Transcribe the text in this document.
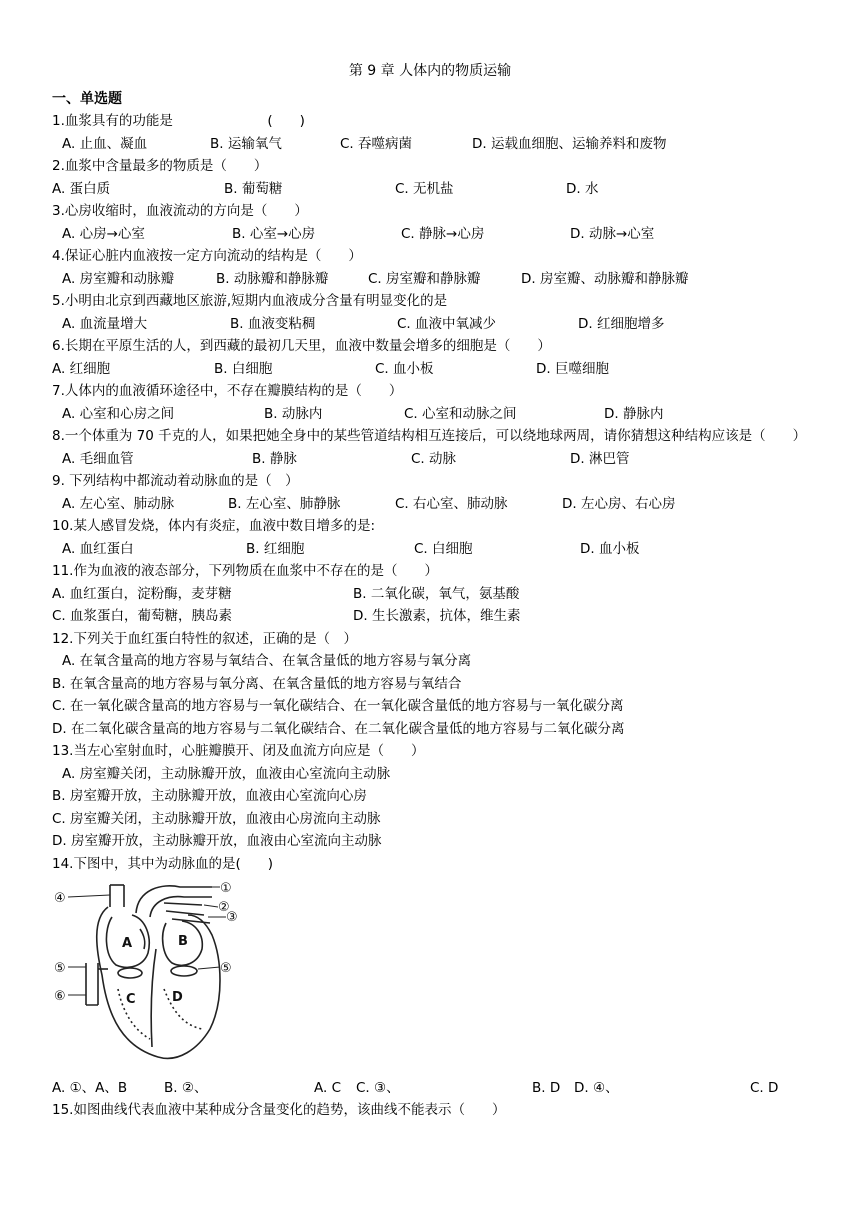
第 9 章 人体内的物质运输
一、单选题
1.血浆具有的功能是　　　　　　　(　　)
A. 止血、凝血	B. 运输氧气	C. 吞噬病菌	D. 运载血细胞、运输养料和废物
2.血浆中含量最多的物质是（　　）
A. 蛋白质	B. 葡萄糖	C. 无机盐	D. 水
3.心房收缩时，血液流动的方向是（　　）
A. 心房→心室	B. 心室→心房	C. 静脉→心房	D. 动脉→心室
4.保证心脏内血液按一定方向流动的结构是（　　）
A. 房室瓣和动脉瓣	B. 动脉瓣和静脉瓣	C. 房室瓣和静脉瓣	D. 房室瓣、动脉瓣和静脉瓣
5.小明由北京到西藏地区旅游,短期内血液成分含量有明显变化的是
A. 血流量增大	B. 血液变粘稠	C. 血液中氧减少	D. 红细胞增多
6.长期在平原生活的人，到西藏的最初几天里，血液中数量会增多的细胞是（　　）
A. 红细胞	B. 白细胞	C. 血小板	D. 巨噬细胞
7.人体内的血液循环途径中，不存在瓣膜结构的是（　　）
A. 心室和心房之间	B. 动脉内	C. 心室和动脉之间	D. 静脉内
8.一个体重为 70 千克的人，如果把她全身中的某些管道结构相互连接后，可以绕地球两周，请你猜想这种结构应该是（　　）
A. 毛细血管	B. 静脉	C. 动脉	D. 淋巴管
9. 下列结构中都流动着动脉血的是（　）
A. 左心室、肺动脉	B. 左心室、肺静脉	C. 右心室、肺动脉	D. 左心房、右心房
10.某人感冒发烧，体内有炎症，血液中数目增多的是:
A. 血红蛋白	B. 红细胞	C. 白细胞	D. 血小板
11.作为血液的液态部分，下列物质在血浆中不存在的是（　　）
A. 血红蛋白，淀粉酶，麦芽糖	B. 二氧化碳，氧气，氨基酸
C. 血浆蛋白，葡萄糖，胰岛素	D. 生长激素，抗体，维生素
12.下列关于血红蛋白特性的叙述，正确的是（　）
A. 在氧含量高的地方容易与氧结合、在氧含量低的地方容易与氧分离
B. 在氧含量高的地方容易与氧分离、在氧含量低的地方容易与氧结合
C. 在一氧化碳含量高的地方容易与一氧化碳结合、在一氧化碳含量低的地方容易与一氧化碳分离
D. 在二氧化碳含量高的地方容易与二氧化碳结合、在二氧化碳含量低的地方容易与二氧化碳分离
13.当左心室射血时，心脏瓣膜开、闭及血流方向应是（　　）
A. 房室瓣关闭，主动脉瓣开放，血液由心室流向主动脉
B. 房室瓣开放，主动脉瓣开放，血液由心室流向心房
C. 房室瓣关闭，主动脉瓣开放，血液由心房流向主动脉
D. 房室瓣开放，主动脉瓣开放，血液由心室流向主动脉
14.下图中，其中为动脉血的是(　　)
④
①
②
③
⑤	⑤
⑥
A	B
C	D
A. ①、A、B	B. ②、	A. C C. ③、	B. D D. ④、	C. D
15.如图曲线代表血液中某种成分含量变化的趋势，该曲线不能表示（　　）
